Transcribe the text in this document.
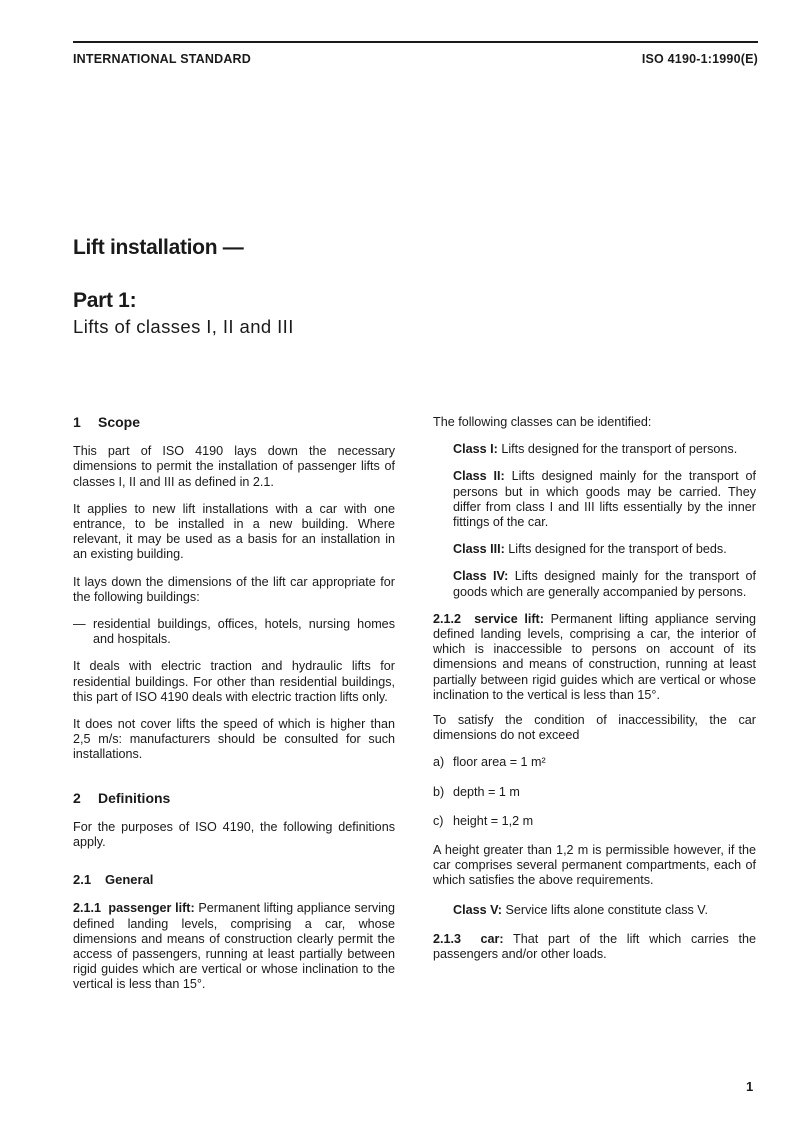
INTERNATIONAL STANDARD	ISO 4190-1:1990(E)
Lift installation —
Part 1:
Lifts of classes I, II and III
1 Scope

This part of ISO 4190 lays down the necessary dimensions to permit the installation of passenger lifts of classes I, II and III as defined in 2.1.

It applies to new lift installations with a car with one entrance, to be installed in a new building. Where relevant, it may be used as a basis for an installation in an existing building.

It lays down the dimensions of the lift car appropriate for the following buildings:

— residential buildings, offices, hotels, nursing homes and hospitals.

It deals with electric traction and hydraulic lifts for residential buildings. For other than residential buildings, this part of ISO 4190 deals with electric traction lifts only.

It does not cover lifts the speed of which is higher than 2,5 m/s: manufacturers should be consulted for such installations.

2 Definitions

For the purposes of ISO 4190, the following definitions apply.

2.1 General

2.1.1 passenger lift: Permanent lifting appliance serving defined landing levels, comprising a car, whose dimensions and means of construction clearly permit the access of passengers, running at least partially between rigid guides which are vertical or whose inclination to the vertical is less than 15°.

The following classes can be identified:

Class I: Lifts designed for the transport of persons.

Class II: Lifts designed mainly for the transport of persons but in which goods may be carried. They differ from class I and III lifts essentially by the inner fittings of the car.

Class III: Lifts designed for the transport of beds.

Class IV: Lifts designed mainly for the transport of goods which are generally accompanied by persons.

2.1.2 service lift: Permanent lifting appliance serving defined landing levels, comprising a car, the interior of which is inaccessible to persons on account of its dimensions and means of construction, running at least partially between rigid guides which are vertical or whose inclination to the vertical is less than 15°.

To satisfy the condition of inaccessibility, the car dimensions do not exceed

a) floor area = 1 m²
b) depth = 1 m
c) height = 1,2 m

A height greater than 1,2 m is permissible however, if the car comprises several permanent compartments, each of which satisfies the above requirements.

Class V: Service lifts alone constitute class V.

2.1.3 car: That part of the lift which carries the passengers and/or other loads.

1
